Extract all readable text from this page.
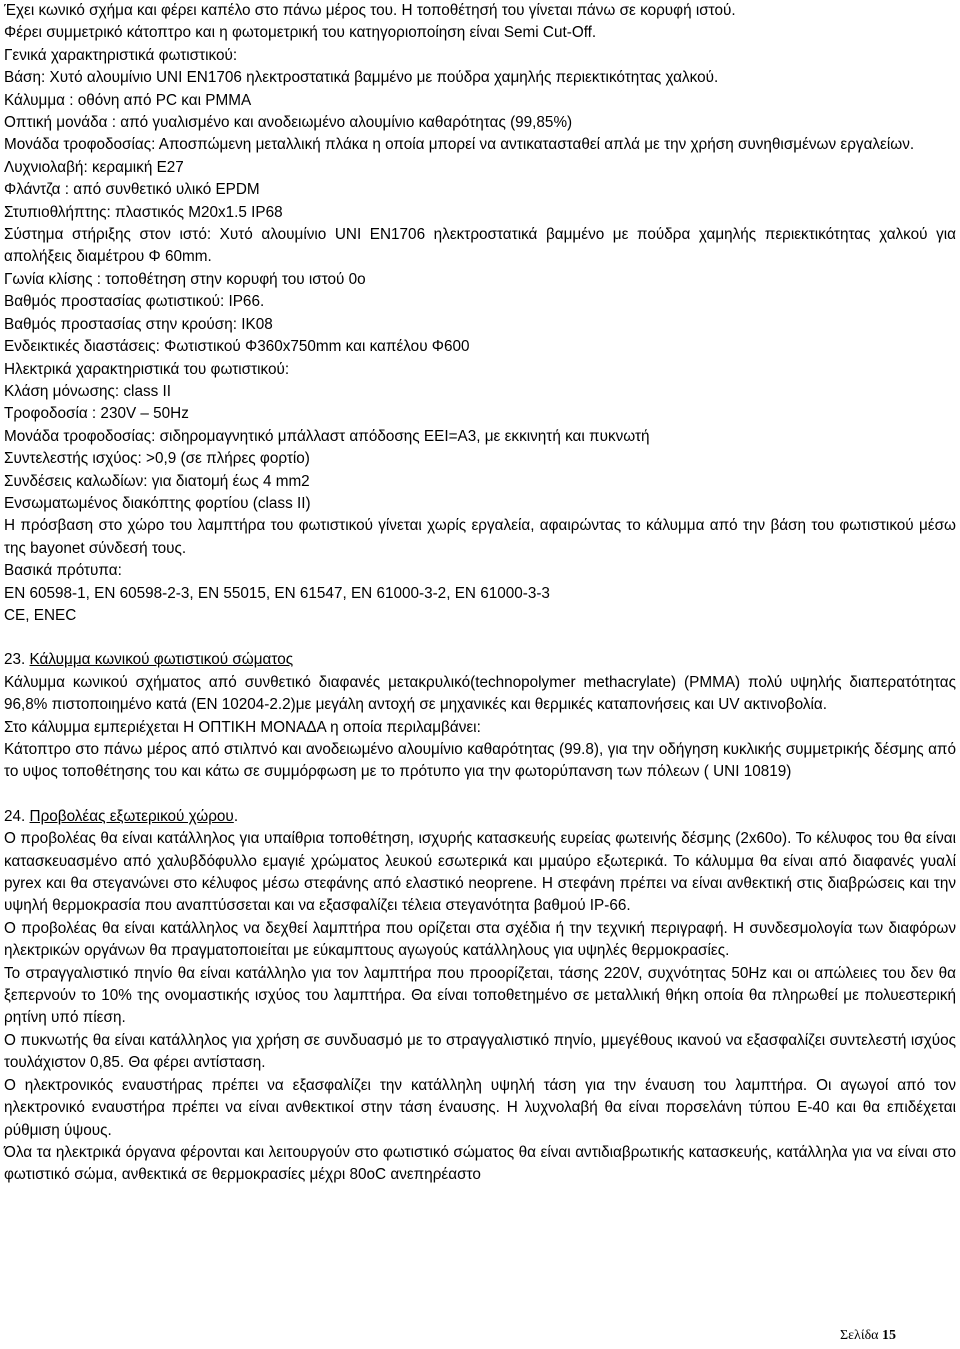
Έχει κωνικό σχήμα και φέρει καπέλο στο πάνω μέρος του. Η τοποθέτησή του γίνεται πάνω σε κορυφή ιστού.

Φέρει συμμετρικό κάτοπτρο και η φωτομετρική του κατηγοριοποίηση είναι Semi Cut-Off.

Γενικά χαρακτηριστικά φωτιστικού:

Βάση: Χυτό αλουμίνιο UNI EN1706 ηλεκτροστατικά βαμμένο με πούδρα χαμηλής περιεκτικότητας χαλκού.

Κάλυμμα : οθόνη από PC και PMMA

Οπτική μονάδα : από γυαλισμένο και ανοδειωμένο αλουμίνιο καθαρότητας (99,85%)

Μονάδα τροφοδοσίας: Αποσπώμενη μεταλλική πλάκα η οποία μπορεί να αντικατασταθεί απλά με την χρήση συνηθισμένων εργαλείων.

Λυχνιολαβή: κεραμική Ε27

Φλάντζα : από συνθετικό υλικό EPDM

Στυπιοθλήπτης: πλαστικός Μ20x1.5 IP68

Σύστημα στήριξης στον ιστό: Χυτό αλουμίνιο UNI EN1706 ηλεκτροστατικά βαμμένο με πούδρα χαμηλής περιεκτικότητας χαλκού για απολήξεις διαμέτρου Φ 60mm.

Γωνία κλίσης : τοποθέτηση στην κορυφή του ιστού 0ο

Βαθμός προστασίας φωτιστικού: IP66.

Βαθμός προστασίας στην κρούση: ΙΚ08

Ενδεικτικές διαστάσεις: Φωτιστικού Φ360x750mm και καπέλου Φ600

Ηλεκτρικά χαρακτηριστικά του φωτιστικού:

Κλάση μόνωσης: class II

Τροφοδοσία : 230V – 50Hz

Μονάδα τροφοδοσίας: σιδηρομαγνητικό μπάλλαστ απόδοσης ΕΕΙ=Α3, με εκκινητή και πυκνωτή

Συντελεστής ισχύος: >0,9 (σε πλήρες φορτίο)

Συνδέσεις καλωδίων: για διατομή έως 4 mm2

Ενσωματωμένος διακόπτης φορτίου (class II)

Η πρόσβαση στο χώρο του λαμπτήρα του φωτιστικού γίνεται χωρίς εργαλεία, αφαιρώντας το κάλυμμα από την βάση του φωτιστικού μέσω της bayonet σύνδεσή τους.

Βασικά πρότυπα:

EN 60598-1, EN 60598-2-3, EN 55015, EN 61547, EN 61000-3-2, EN 61000-3-3

CE, ENEC

23. Κάλυμμα κωνικού φωτιστικού σώματος

Κάλυμμα κωνικού σχήματος από συνθετικό διαφανές μετακρυλικό(technopolymer methacrylate) (PMMA) πολύ υψηλής διαπερατότητας 96,8% πιστοποιημένο κατά (EN 10204-2.2)με μεγάλη αντοχή σε μηχανικές και θερμικές καταπονήσεις και UV ακτινοβολία.

Στο κάλυμμα εμπεριέχεται Η ΟΠΤΙΚΗ ΜΟΝΑΔΑ η οποία περιλαμβάνει:

Κάτοπτρο στο πάνω μέρος από στιλπνό και ανοδειωμένο αλουμίνιο καθαρότητας (99.8), για την οδήγηση κυκλικής συμμετρικής δέσμης από το υψος τοποθέτησης του και κάτω σε συμμόρφωση με το πρότυπο για την φωτορύπανση των πόλεων ( UNI 10819)

24. Προβολέας εξωτερικού χώρου.

Ο προβολέας θα είναι κατάλληλος για υπαίθρια τοποθέτηση, ισχυρής κατασκευής ευρείας φωτεινής δέσμης (2x60ο). Το κέλυφος του θα είναι κατασκευασμένο από χαλυβδόφυλλο εμαγιέ χρώματος λευκού εσωτερικά και μμαύρο εξωτερικά. Το κάλυμμα θα είναι από διαφανές γυαλί pyrex και θα στεγανώνει στο κέλυφος μέσω στεφάνης από ελαστικό neoprene. Η στεφάνη πρέπει να είναι ανθεκτική στις διαβρώσεις και την υψηλή θερμοκρασία που αναπτύσσεται και να εξασφαλίζει τέλεια στεγανότητα βαθμού ΙΡ-66.

Ο προβολέας θα είναι κατάλληλος να δεχθεί λαμπτήρα που ορίζεται στα σχέδια ή την τεχνική περιγραφή. Η συνδεσμολογία των διαφόρων ηλεκτρικών οργάνων θα πραγματοποιείται με εύκαμπτους αγωγούς κατάλληλους για υψηλές θερμοκρασίες.

Το στραγγαλιστικό πηνίο θα είναι κατάλληλο για τον λαμπτήρα που προορίζεται, τάσης 220V, συχνότητας 50Hz και οι απώλειες του δεν θα ξεπερνούν το 10% της ονομαστικής ισχύος του λαμπτήρα. Θα είναι τοποθετημένο σε μεταλλική θήκη οποία θα πληρωθεί με πολυεστερική ρητίνη υπό πίεση.

Ο πυκνωτής θα είναι κατάλληλος για χρήση σε συνδυασμό με το στραγγαλιστικό πηνίο, μμεγέθους ικανού να εξασφαλίζει συντελεστή ισχύος τουλάχιστον 0,85. Θα φέρει αντίσταση.

Ο ηλεκτρονικός εναυστήρας πρέπει να εξασφαλίζει την κατάλληλη υψηλή τάση για την έναυση του λαμπτήρα. Οι αγωγοί από τον ηλεκτρονικό εναυστήρα πρέπει να είναι ανθεκτικοί στην τάση έναυσης. Η λυχνολαβή θα είναι πορσελάνη τύπου Ε-40 και θα επιδέχεται ρύθμιση ύψους.

Όλα τα ηλεκτρικά όργανα φέρονται και λειτουργούν στο φωτιστικό σώματος θα είναι αντιδιαβρωτικής κατασκευής, κατάλληλα για να είναι στο φωτιστικό σώμα, ανθεκτικά σε θερμοκρασίες μέχρι 80οC ανεπηρέαστο

Σελίδα 15
